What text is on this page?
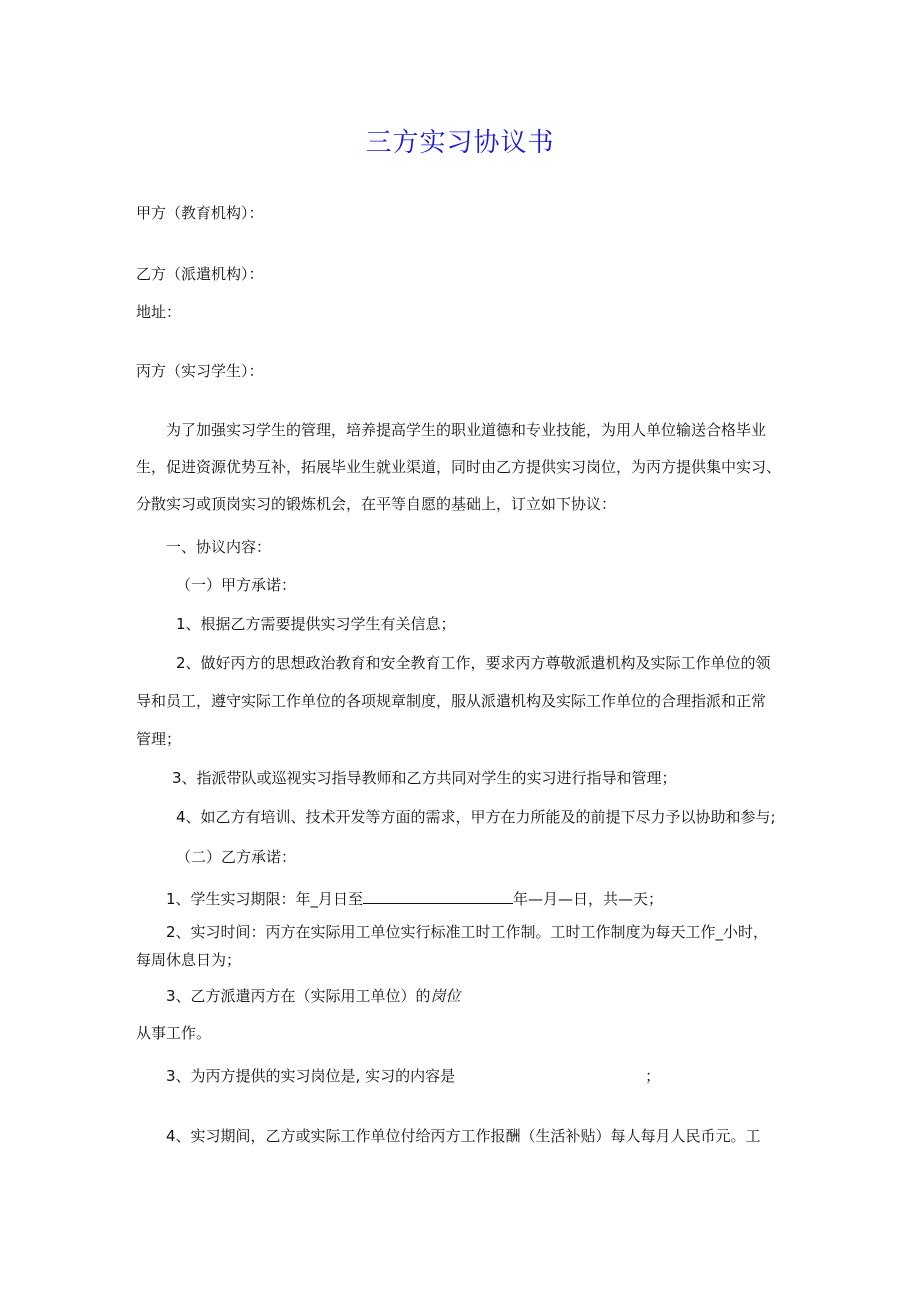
三方实习协议书
甲方（教育机构）：
乙方（派遣机构）：
地址：
丙方（实习学生）：
为了加强实习学生的管理，培养提高学生的职业道德和专业技能，为用人单位输送合格毕业生，促进资源优势互补，拓展毕业生就业渠道，同时由乙方提供实习岗位，为丙方提供集中实习、分散实习或顶岗实习的锻炼机会，在平等自愿的基础上，订立如下协议：
一、协议内容：
（一）甲方承诺：
1、根据乙方需要提供实习学生有关信息；
2、做好丙方的思想政治教育和安全教育工作，要求丙方尊敬派遣机构及实际工作单位的领
导和员工，遵守实际工作单位的各项规章制度，服从派遣机构及实际工作单位的合理指派和正常
管理；
3、指派带队或巡视实习指导教师和乙方共同对学生的实习进行指导和管理；
4、如乙方有培训、技术开发等方面的需求，甲方在力所能及的前提下尽力予以协助和参与;
（二）乙方承诺：
1、学生实习期限：年_月日至	年—月—日，共—天；
2、实习时间：丙方在实际用工单位实行标准工时工作制。工时工作制度为每天工作_小时，
每周休息日为；
3、乙方派遣丙方在（实际用工单位）的岗位
从事工作。
3、为丙方提供的实习岗位是, 实习的内容是	；
4、实习期间，乙方或实际工作单位付给丙方工作报酬（生活补贴）每人每月人民币元。工
